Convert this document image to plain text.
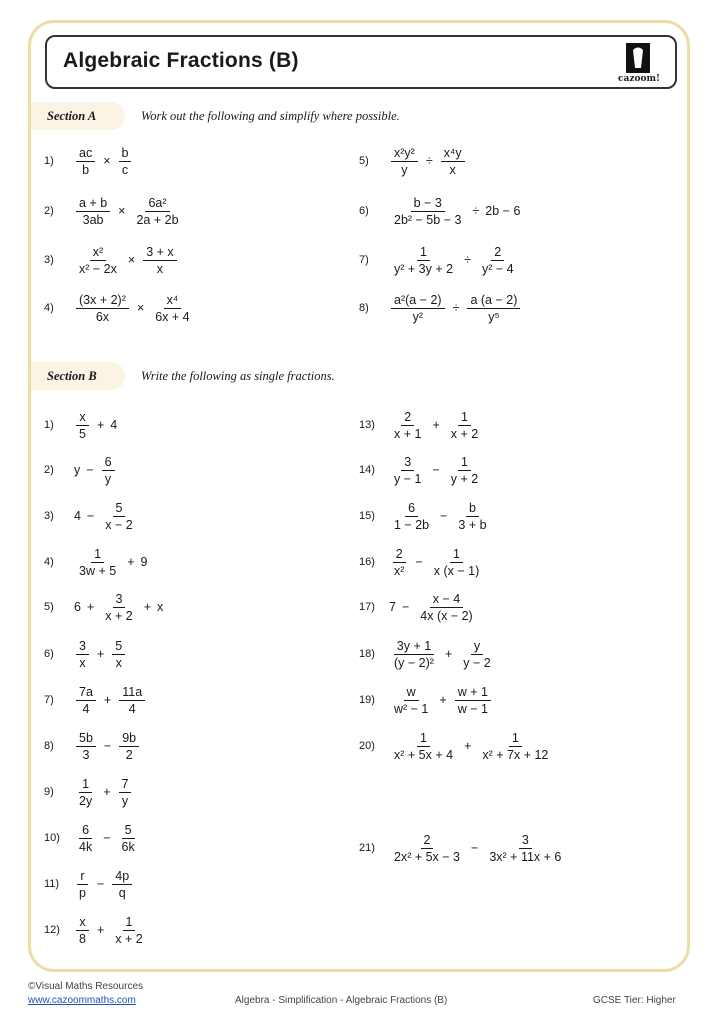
Algebraic Fractions (B)
cazoom!
Section A	Work out the following and simplify where possible.
1)	$\frac{ac}{b} \times \frac{b}{c}$
2)	$\frac{a + b}{3ab} \times \frac{\text{6a²}}{2a + 2b}$
3)	$\frac{\text{x²}}{\text{x² − 2x}} \times \frac{3 + x}{x}$
4)	$\frac{\text{(3x + 2)²}}{6x} \times \frac{\text{x⁴}}{6x + 4}$
5)	$\frac{\text{x²y²}}{y} \div \frac{\text{x⁴y}}{x}$
6)	$\frac{b - 3}{\text{2b² − 5b − 3}} \div 2b - 6$
7)	$\frac{1}{\text{y² + 3y + 2}} \div \frac{2}{\text{y² − 4}}$
8)	$\frac{\text{a²(a − 2)}}{\text{y²}} \div \frac{a (a - 2)}{\text{y⁵}}$
Section B	Write the following as single fractions.
1)	$\frac{x}{5} + 4$
2)	$y - \frac{6}{y}$
3)	$4 - \frac{5}{x - 2}$
4)	$\frac{1}{3w + 5} + 9$
5)	$6 + \frac{3}{x + 2} + x$
6)	$\frac{3}{x} + \frac{5}{x}$
7)	$\frac{7a}{4} + \frac{11a}{4}$
8)	$\frac{5b}{3} - \frac{9b}{2}$
9)	$\frac{1}{2y} + \frac{7}{y}$
10)	$\frac{6}{4k} - \frac{5}{6k}$
11)	$\frac{r}{p} - \frac{4p}{q}$
12)	$\frac{x}{8} + \frac{1}{x + 2}$
13)	$\frac{2}{x + 1} + \frac{1}{x + 2}$
14)	$\frac{3}{y - 1} - \frac{1}{y + 2}$
15)	$\frac{6}{1 - 2b} - \frac{b}{3 + b}$
16)	$\frac{2}{\text{x²}} - \frac{1}{x (x - 1)}$
17)	$7 - \frac{x - 4}{4x (x - 2)}$
18)	$\frac{3y + 1}{\text{(y − 2)²}} + \frac{y}{y - 2}$
19)	$\frac{w}{\text{w² − 1}} + \frac{w + 1}{w - 1}$
20)	$\frac{1}{\text{x² + 5x + 4}} + \frac{1}{\text{x² + 7x + 12}}$
21)	$\frac{2}{\text{2x² + 5x − 3}} - \frac{3}{\text{3x² + 11x + 6}}$
©Visual Maths Resources
www.cazoommaths.com	Algebra - Simplification - Algebraic Fractions (B)	GCSE Tier: Higher
